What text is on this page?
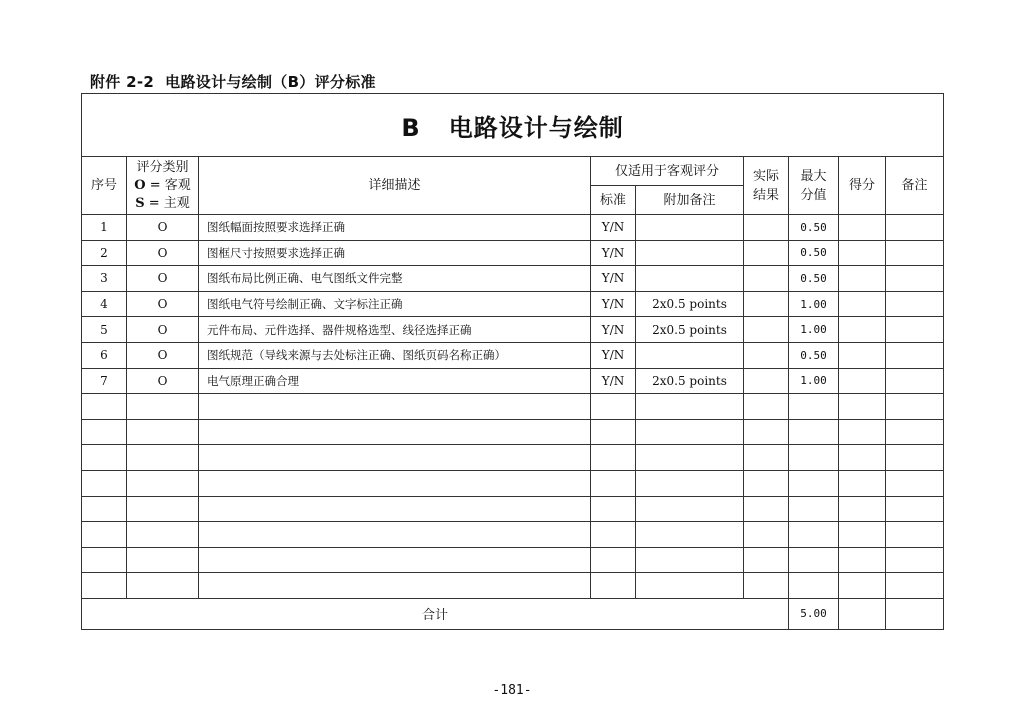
附件 2-2  电路设计与绘制（B）评分标准
B   电路设计与绘制								
序号	评分类别
O = 客观
S = 主观	详细描述	仅适用于客观评分		实际结果	最大分值	得分	备注
			标准	附加备注				
1	O	图纸幅面按照要求选择正确	Y/N			0.50		
2	O	图框尺寸按照要求选择正确	Y/N			0.50		
3	O	图纸布局比例正确、电气图纸文件完整	Y/N			0.50		
4	O	图纸电气符号绘制正确、文字标注正确	Y/N	2x0.5 points		1.00		
5	O	元件布局、元件选择、器件规格选型、线径选择正确	Y/N	2x0.5 points		1.00		
6	O	图纸规范（导线来源与去处标注正确、图纸页码名称正确）	Y/N			0.50		
7	O	电气原理正确合理	Y/N	2x0.5 points		1.00		

合计						5.00		
-181-
